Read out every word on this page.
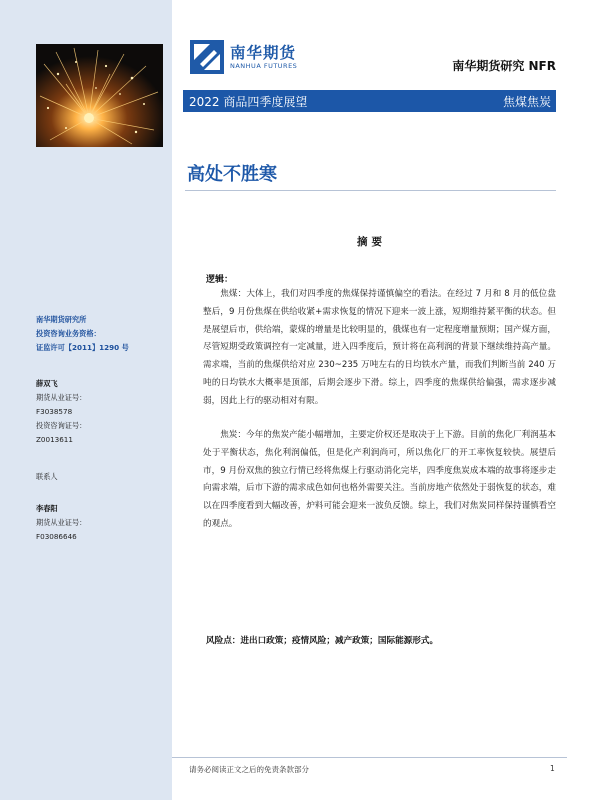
南华期货研究所
投资咨询业务资格：
证监许可【2011】1290 号
薛双飞
期货从业证号：
F3038578
投资咨询证号：
Z0013611
联系人
李春阳
期货从业证号：
F03086646
南华期货
NANHUA FUTURES	南华期货研究 NFR
2022 商品四季度展望	焦煤焦炭
高处不胜寒
摘要
逻辑：

焦煤：大体上，我们对四季度的焦煤保持谨慎偏空的看法。在经过 7 月和 8 月的低位盘整后，9 月份焦煤在供给收紧+需求恢复的情况下迎来一波上涨，短期维持紧平衡的状态。但是展望后市，供给端，蒙煤的增量是比较明显的，俄煤也有一定程度增量预期；国产煤方面，尽管短期受政策调控有一定减量，进入四季度后，预计将在高利润的背景下继续维持高产量。需求端，当前的焦煤供给对应 230~235 万吨左右的日均铁水产量，而我们判断当前 240 万吨的日均铁水大概率是顶部，后期会逐步下滑。综上，四季度的焦煤供给偏强，需求逐步减弱，因此上行的驱动相对有限。

焦炭：今年的焦炭产能小幅增加，主要定价权还是取决于上下游。目前的焦化厂利润基本处于平衡状态，焦化利润偏低，但是化产利润尚可，所以焦化厂的开工率恢复较快。展望后市，9 月份双焦的独立行情已经将焦煤上行驱动消化完毕，四季度焦炭成本端的故事将逐步走向需求端，后市下游的需求成色如何也格外需要关注。当前房地产依然处于弱恢复的状态，难以在四季度看到大幅改善，炉料可能会迎来一波负反馈。综上，我们对焦炭同样保持谨慎看空的观点。

风险点：进出口政策；疫情风险；减产政策；国际能源形式。
请务必阅读正文之后的免责条款部分	1
